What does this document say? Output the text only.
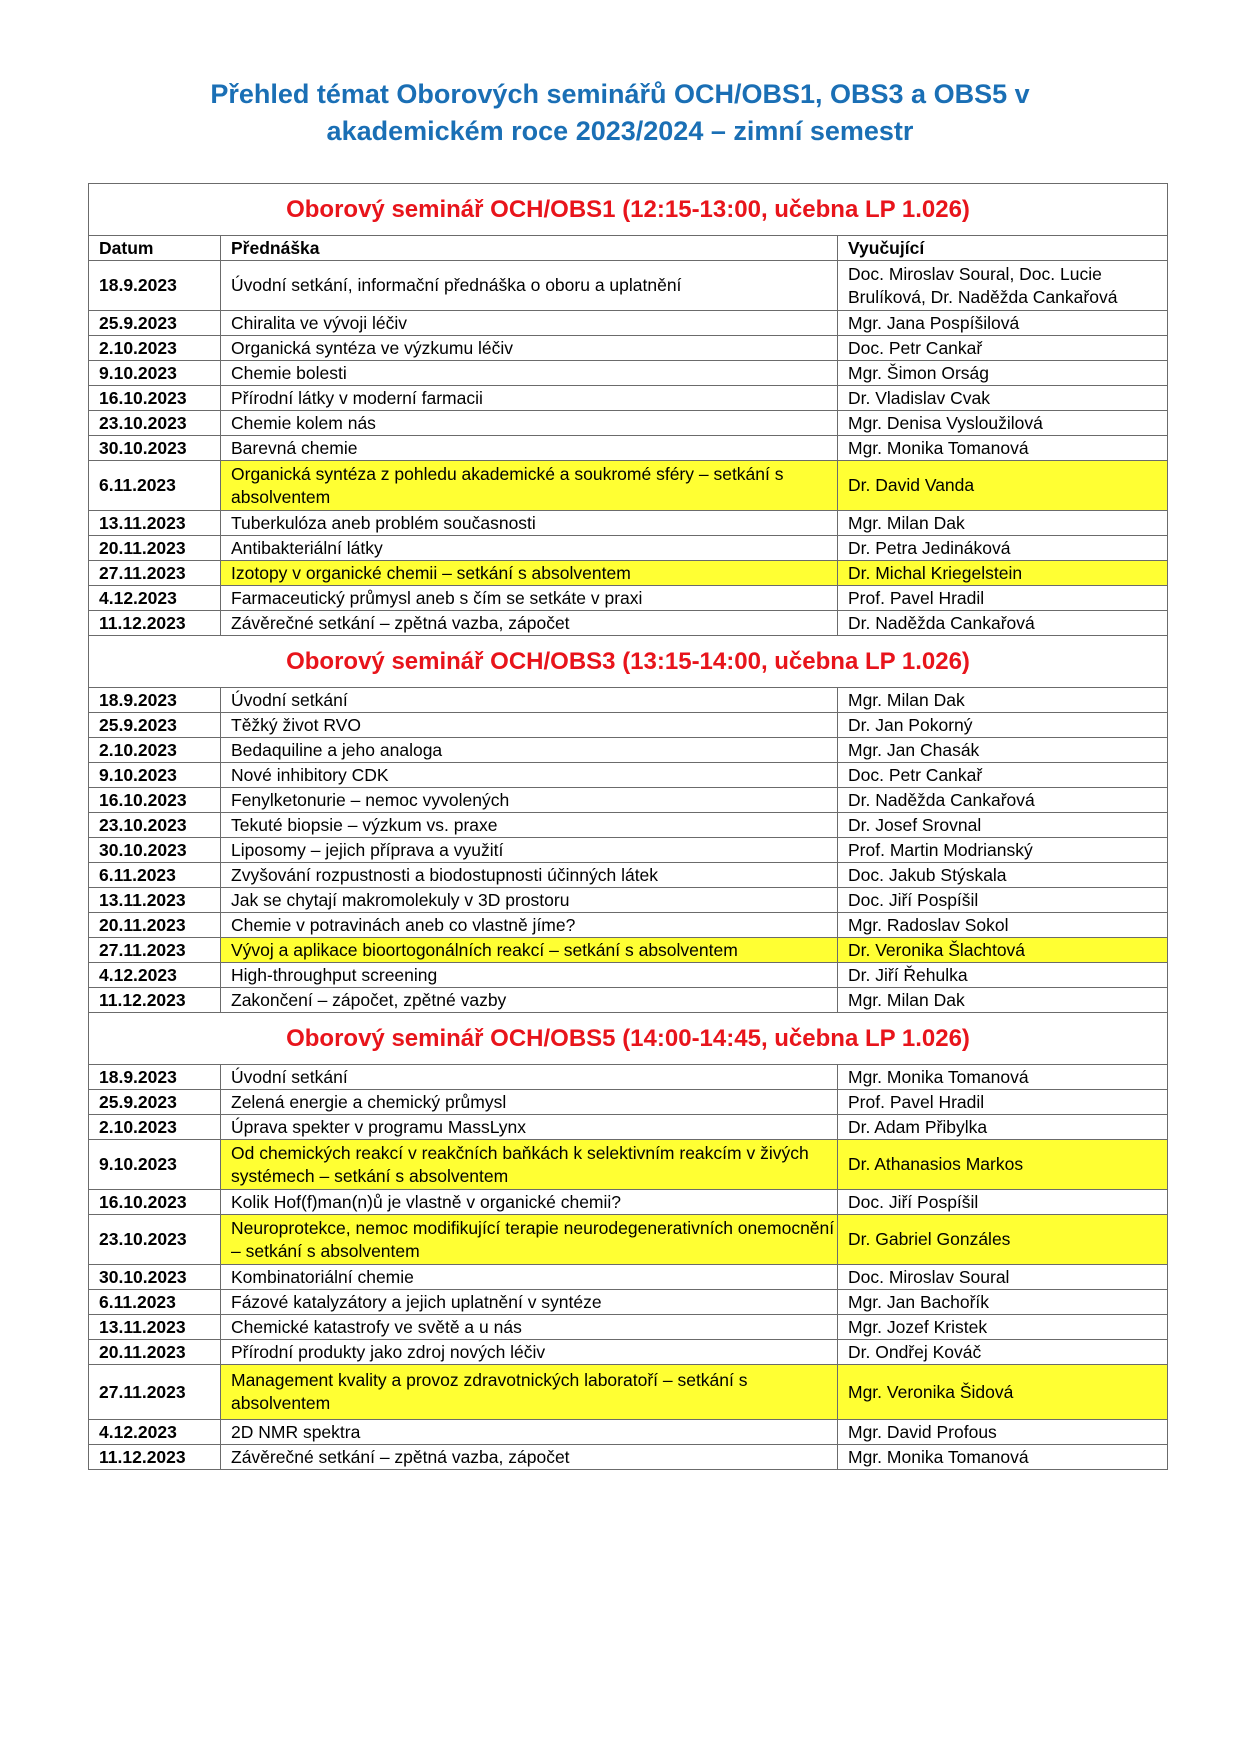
Přehled témat Oborových seminářů OCH/OBS1, OBS3 a OBS5 v
akademickém roce 2023/2024 – zimní semestr
Oborový seminář OCH/OBS1 (12:15-13:00, učebna LP 1.026)		
Datum	Přednáška	Vyučující
18.9.2023	Úvodní setkání, informační přednáška o oboru a uplatnění	Doc. Miroslav Soural, Doc. Lucie Brulíková, Dr. Naděžda Cankařová
25.9.2023	Chiralita ve vývoji léčiv	Mgr. Jana Pospíšilová
2.10.2023	Organická syntéza ve výzkumu léčiv	Doc. Petr Cankař
9.10.2023	Chemie bolesti	Mgr. Šimon Orság
16.10.2023	Přírodní látky v moderní farmacii	Dr. Vladislav Cvak
23.10.2023	Chemie kolem nás	Mgr. Denisa Vysloužilová
30.10.2023	Barevná chemie	Mgr. Monika Tomanová
6.11.2023	Organická syntéza z pohledu akademické a soukromé sféry – setkání s absolventem	Dr. David Vanda
13.11.2023	Tuberkulóza aneb problém současnosti	Mgr. Milan Dak
20.11.2023	Antibakteriální látky	Dr. Petra Jedináková
27.11.2023	Izotopy v organické chemii – setkání s absolventem	Dr. Michal Kriegelstein
4.12.2023	Farmaceutický průmysl aneb s čím se setkáte v praxi	Prof. Pavel Hradil
11.12.2023	Závěrečné setkání – zpětná vazba, zápočet	Dr. Naděžda Cankařová
Oborový seminář OCH/OBS3 (13:15-14:00, učebna LP 1.026)		
18.9.2023	Úvodní setkání	Mgr. Milan Dak
25.9.2023	Těžký život RVO	Dr. Jan Pokorný
2.10.2023	Bedaquiline a jeho analoga	Mgr. Jan Chasák
9.10.2023	Nové inhibitory CDK	Doc. Petr Cankař
16.10.2023	Fenylketonurie – nemoc vyvolených	Dr. Naděžda Cankařová
23.10.2023	Tekuté biopsie – výzkum vs. praxe	Dr. Josef Srovnal
30.10.2023	Liposomy – jejich příprava a využití	Prof. Martin Modrianský
6.11.2023	Zvyšování rozpustnosti a biodostupnosti účinných látek	Doc. Jakub Stýskala
13.11.2023	Jak se chytají makromolekuly v 3D prostoru	Doc. Jiří Pospíšil
20.11.2023	Chemie v potravinách aneb co vlastně jíme?	Mgr. Radoslav Sokol
27.11.2023	Vývoj a aplikace bioortogonálních reakcí – setkání s absolventem	Dr. Veronika Šlachtová
4.12.2023	High-throughput screening	Dr. Jiří Řehulka
11.12.2023	Zakončení – zápočet, zpětné vazby	Mgr. Milan Dak
Oborový seminář OCH/OBS5 (14:00-14:45, učebna LP 1.026)		
18.9.2023	Úvodní setkání	Mgr. Monika Tomanová
25.9.2023	Zelená energie a chemický průmysl	Prof. Pavel Hradil
2.10.2023	Úprava spekter v programu MassLynx	Dr. Adam Přibylka
9.10.2023	Od chemických reakcí v reakčních baňkách k selektivním reakcím v živých systémech – setkání s absolventem	Dr. Athanasios Markos
16.10.2023	Kolik Hof(f)man(n)ů je vlastně v organické chemii?	Doc. Jiří Pospíšil
23.10.2023	Neuroprotekce, nemoc modifikující terapie neurodegenerativních onemocnění – setkání s absolventem	Dr. Gabriel Gonzáles
30.10.2023	Kombinatoriální chemie	Doc. Miroslav Soural
6.11.2023	Fázové katalyzátory a jejich uplatnění v syntéze	Mgr. Jan Bachořík
13.11.2023	Chemické katastrofy ve světě a u nás	Mgr. Jozef Kristek
20.11.2023	Přírodní produkty jako zdroj nových léčiv	Dr. Ondřej Kováč
27.11.2023	Management kvality a provoz zdravotnických laboratoří – setkání s absolventem	Mgr. Veronika Šidová
4.12.2023	2D NMR spektra	Mgr. David Profous
11.12.2023	Závěrečné setkání – zpětná vazba, zápočet	Mgr. Monika Tomanová
